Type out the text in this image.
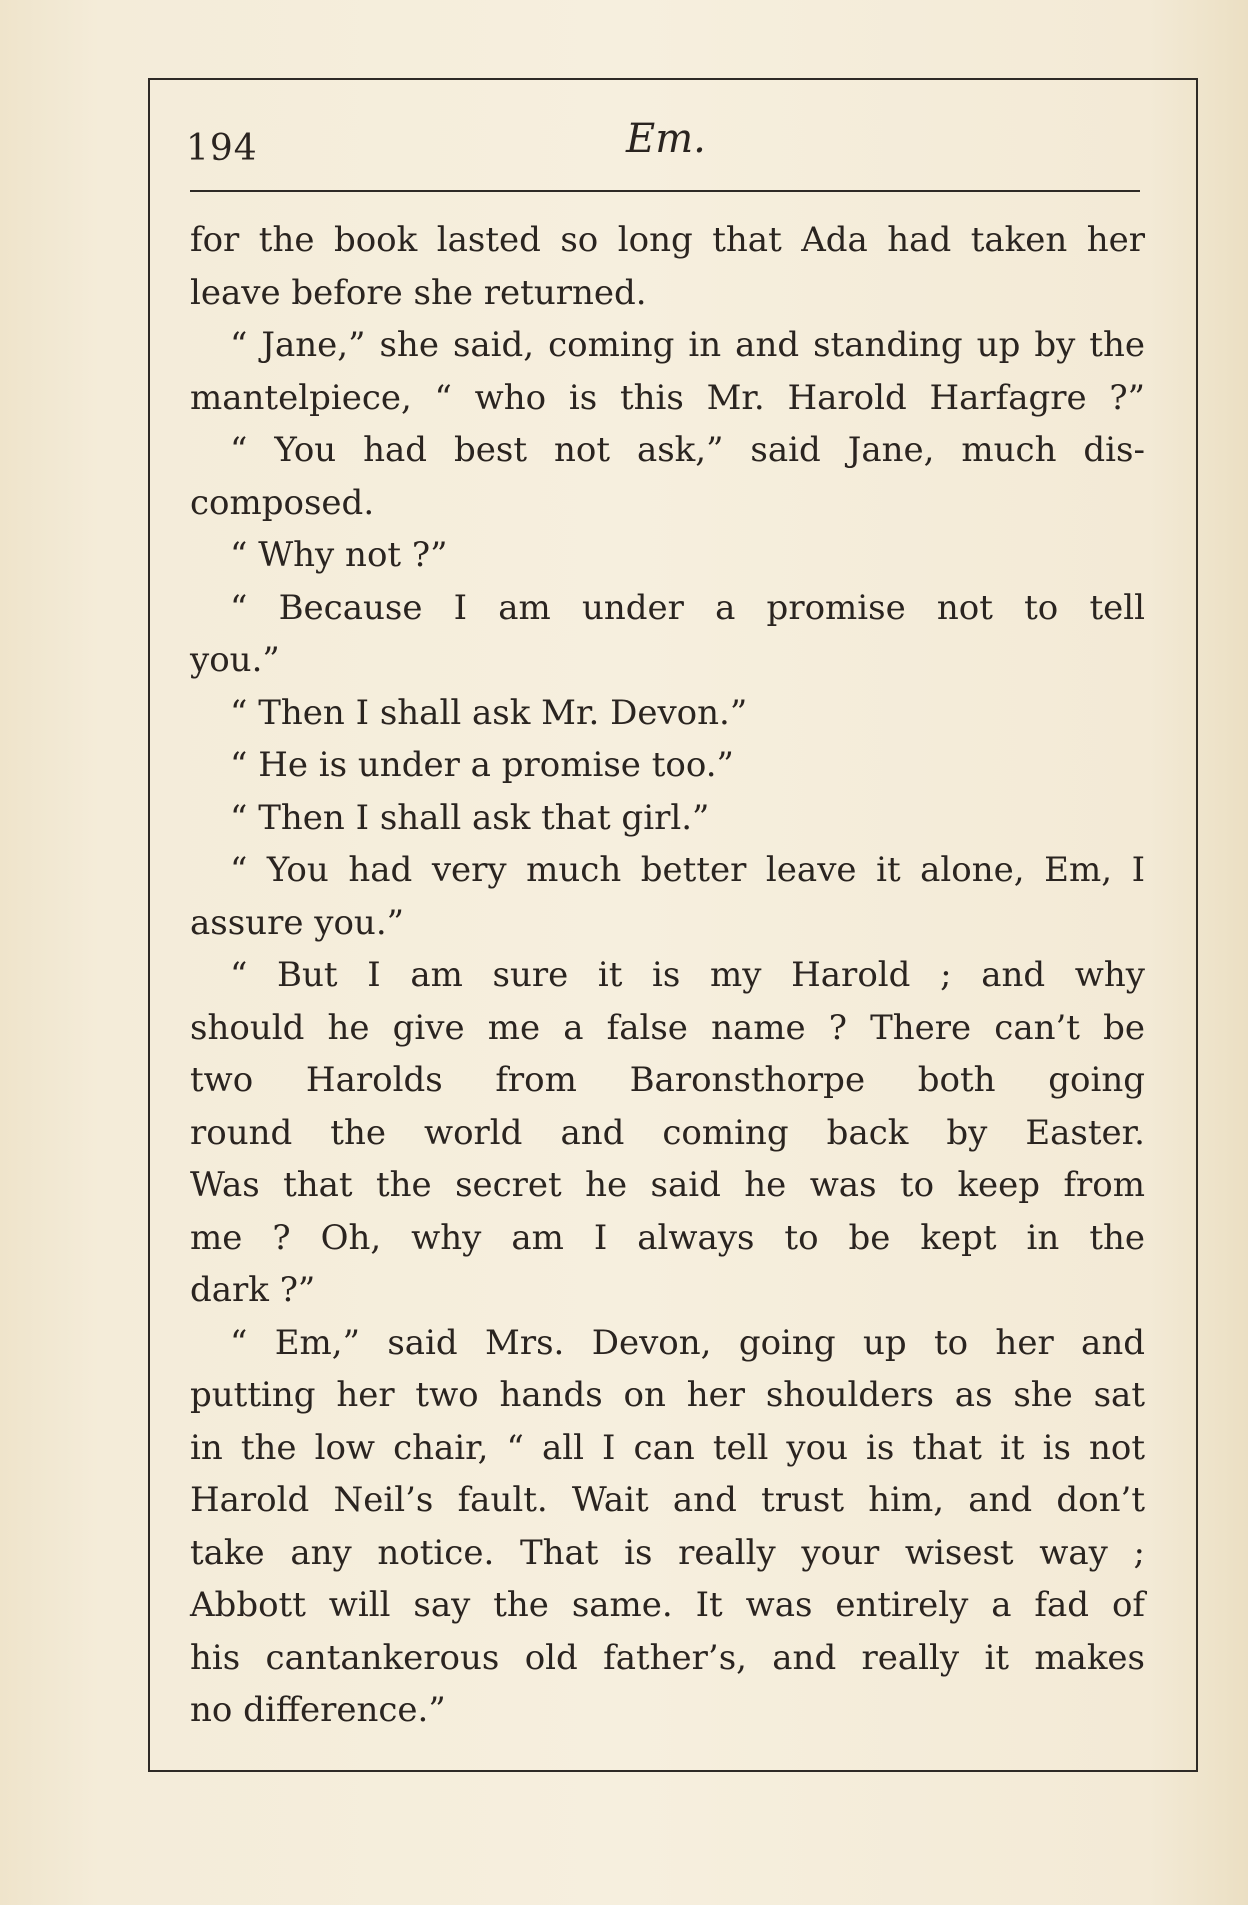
194	Em.
for the book lasted so long that Ada had taken her
leave before she returned.
“ Jane,” she said, coming in and standing up by the
mantelpiece, “ who is this Mr. Harold Harfagre ?”
“ You had best not ask,” said Jane, much dis-
composed.
“ Why not ?”
“ Because I am under a promise not to tell
you.”
“ Then I shall ask Mr. Devon.”
“ He is under a promise too.”
“ Then I shall ask that girl.”
“ You had very much better leave it alone, Em, I
assure you.”
“ But I am sure it is my Harold ; and why
should he give me a false name ? There can’t be
two Harolds from Baronsthorpe both going
round the world and coming back by Easter.
Was that the secret he said he was to keep from
me ? Oh, why am I always to be kept in the
dark ?”
“ Em,” said Mrs. Devon, going up to her and
putting her two hands on her shoulders as she sat
in the low chair, “ all I can tell you is that it is not
Harold Neil’s fault. Wait and trust him, and don’t
take any notice. That is really your wisest way ;
Abbott will say the same. It was entirely a fad of
his cantankerous old father’s, and really it makes
no difference.”
